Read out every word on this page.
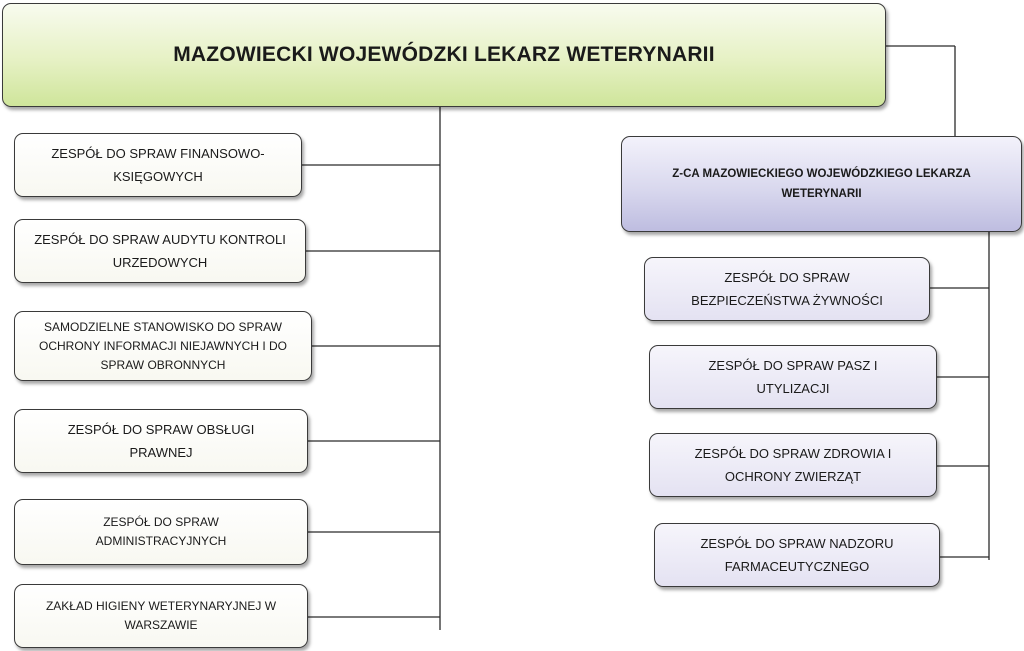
MAZOWIECKI WOJEWÓDZKI LEKARZ WETERYNARII
Z-CA MAZOWIECKIEGO WOJEWÓDZKIEGO LEKARZA WETERYNARII
ZESPÓŁ DO SPRAW FINANSOWO-KSIĘGOWYCH
ZESPÓŁ DO SPRAW AUDYTU KONTROLI URZEDOWYCH
SAMODZIELNE STANOWISKO DO SPRAW OCHRONY INFORMACJI NIEJAWNYCH I DO SPRAW OBRONNYCH
ZESPÓŁ DO SPRAW OBSŁUGI PRAWNEJ
ZESPÓŁ DO SPRAW ADMINISTRACYJNYCH
ZAKŁAD HIGIENY WETERYNARYJNEJ W WARSZAWIE
ZESPÓŁ DO SPRAW BEZPIECZEŃSTWA ŻYWNOŚCI
ZESPÓŁ DO SPRAW PASZ I UTYLIZACJI
ZESPÓŁ DO SPRAW ZDROWIA I OCHRONY ZWIERZĄT
ZESPÓŁ DO SPRAW NADZORU FARMACEUTYCZNEGO
